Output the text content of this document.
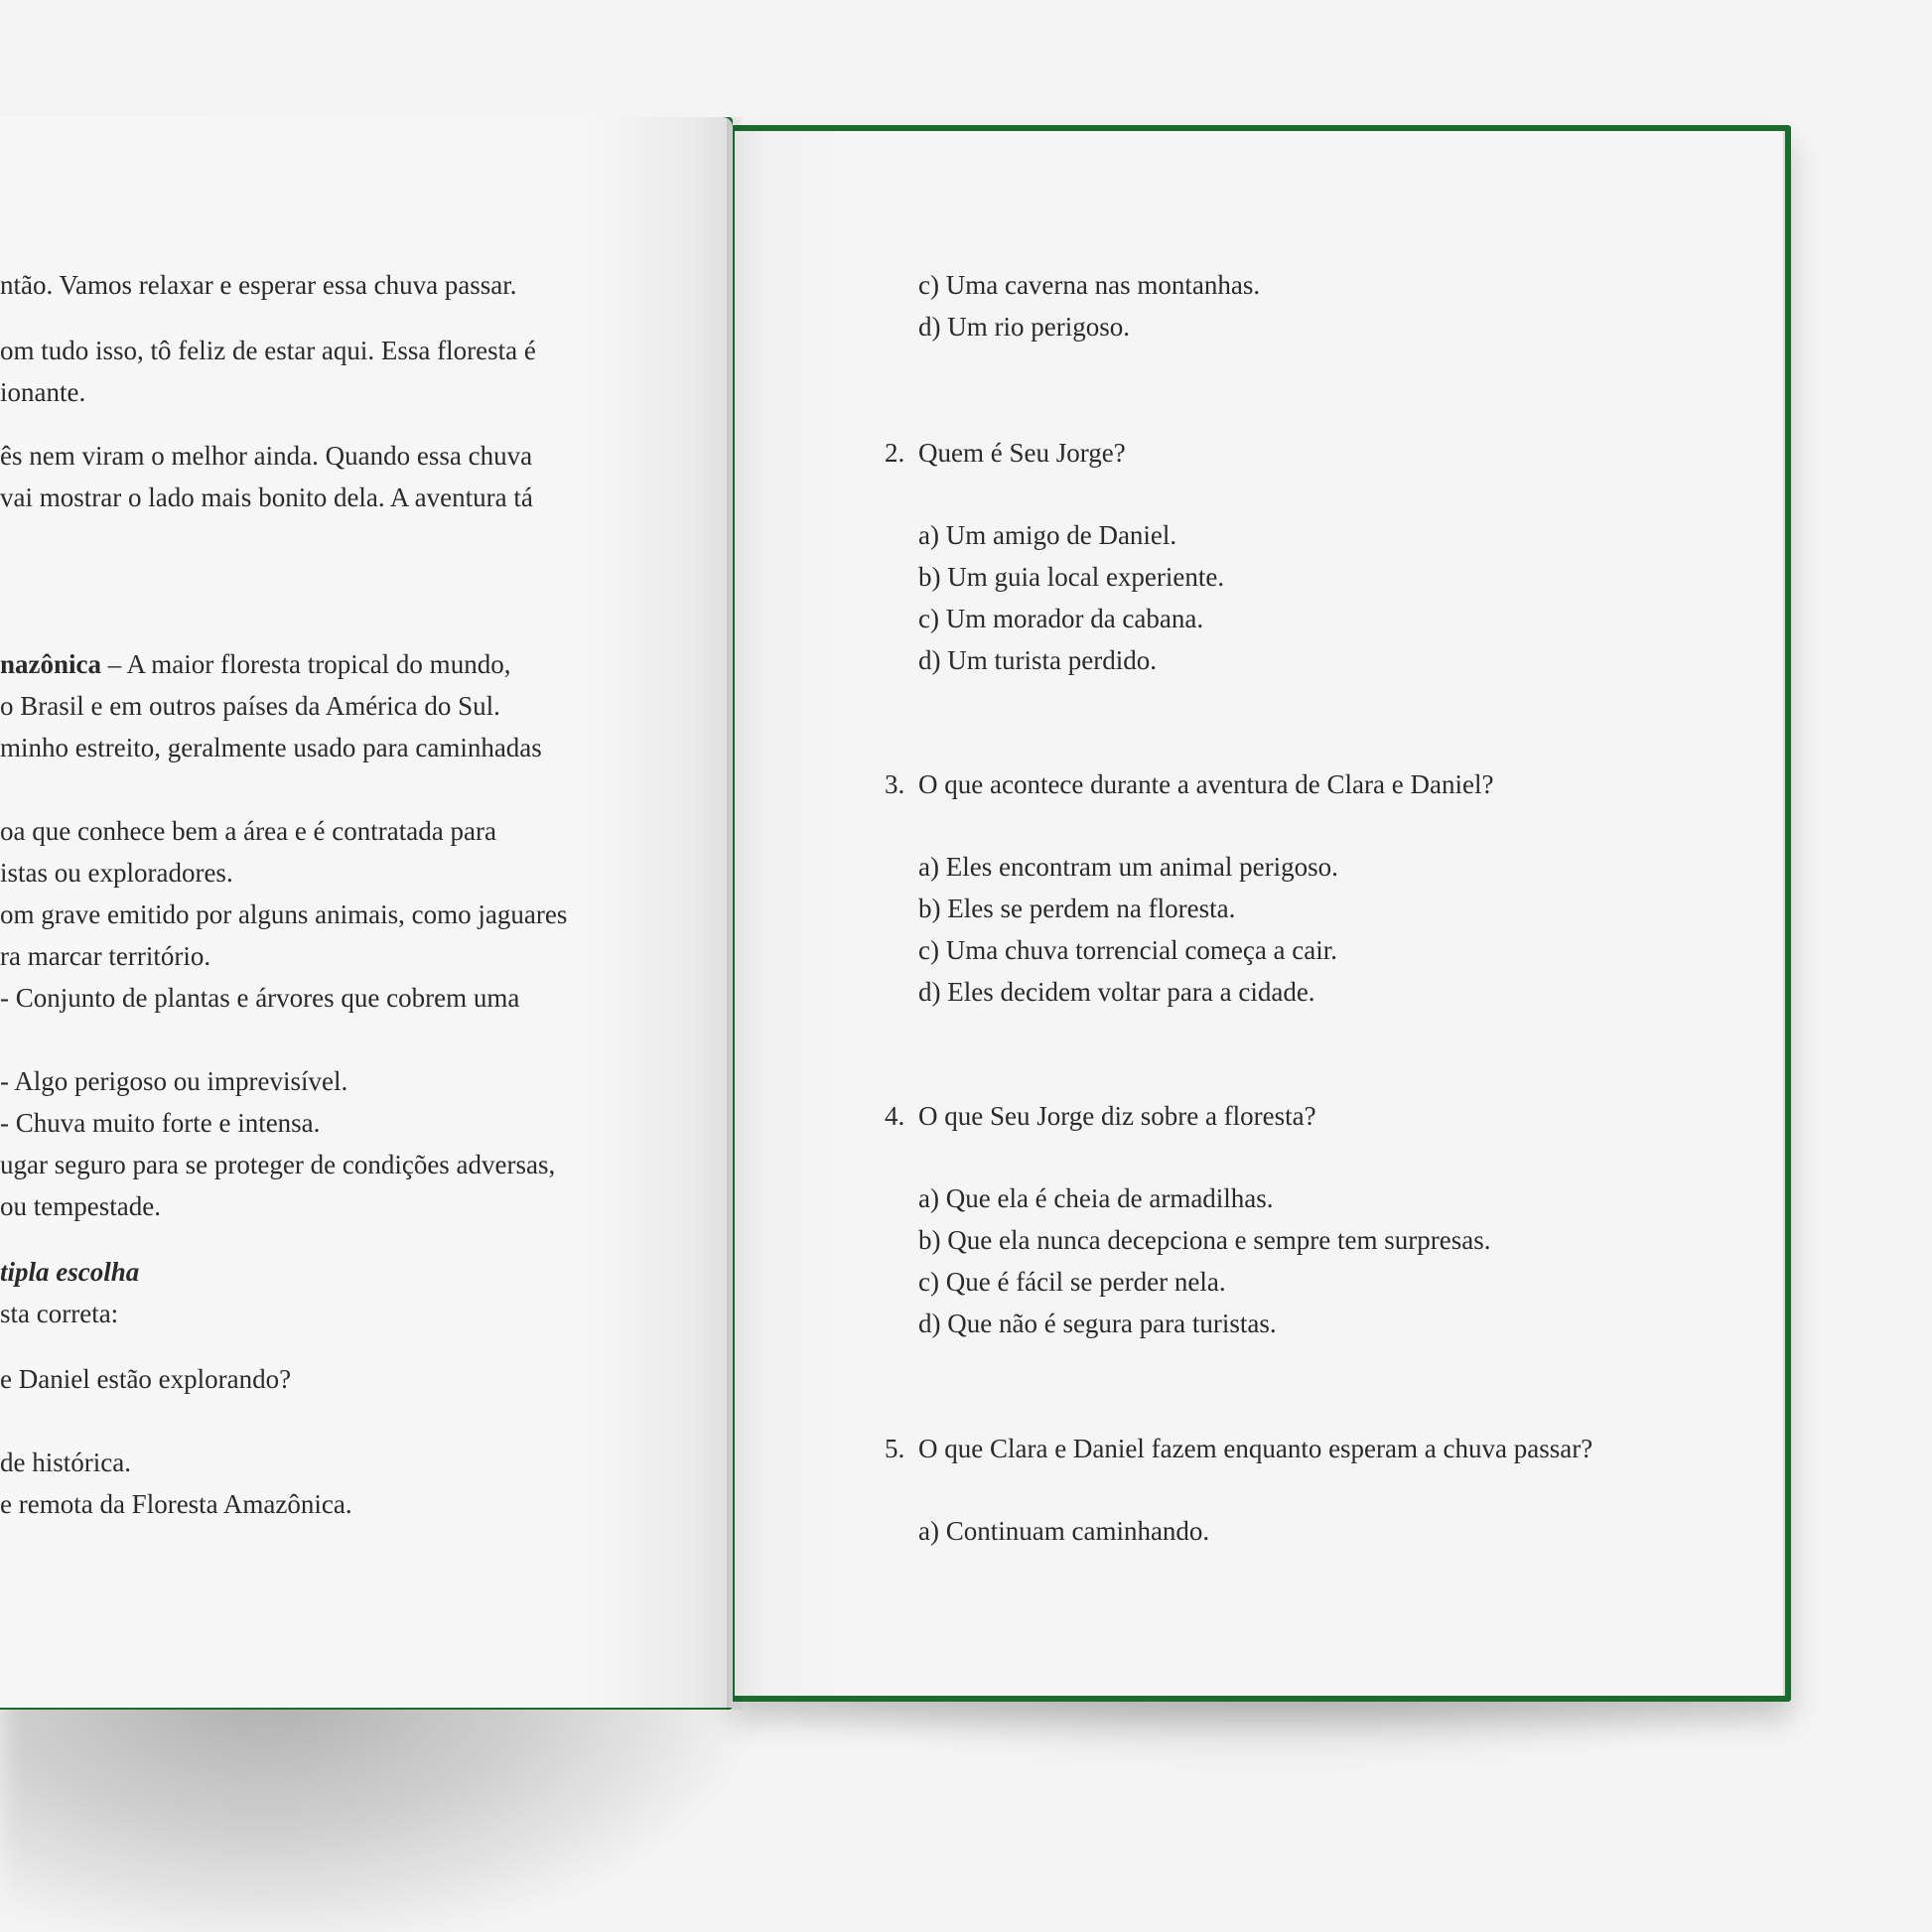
ntão. Vamos relaxar e esperar essa chuva passar.
om tudo isso, tô feliz de estar aqui. Essa floresta é
ionante.
ês nem viram o melhor ainda. Quando essa chuva
vai mostrar o lado mais bonito dela. A aventura tá
nazônica – A maior floresta tropical do mundo,
o Brasil e em outros países da América do Sul.
minho estreito, geralmente usado para caminhadas
oa que conhece bem a área e é contratada para
istas ou exploradores.
om grave emitido por alguns animais, como jaguares
ra marcar território.
- Conjunto de plantas e árvores que cobrem uma
- Algo perigoso ou imprevisível.
- Chuva muito forte e intensa.
ugar seguro para se proteger de condições adversas,
ou tempestade.
tipla escolha
sta correta:
e Daniel estão explorando?
de histórica.
e remota da Floresta Amazônica.
c) Uma caverna nas montanhas.
d) Um rio perigoso.
2. Quem é Seu Jorge?
a) Um amigo de Daniel.
b) Um guia local experiente.
c) Um morador da cabana.
d) Um turista perdido.
3. O que acontece durante a aventura de Clara e Daniel?
a) Eles encontram um animal perigoso.
b) Eles se perdem na floresta.
c) Uma chuva torrencial começa a cair.
d) Eles decidem voltar para a cidade.
4. O que Seu Jorge diz sobre a floresta?
a) Que ela é cheia de armadilhas.
b) Que ela nunca decepciona e sempre tem surpresas.
c) Que é fácil se perder nela.
d) Que não é segura para turistas.
5. O que Clara e Daniel fazem enquanto esperam a chuva passar?
a) Continuam caminhando.
